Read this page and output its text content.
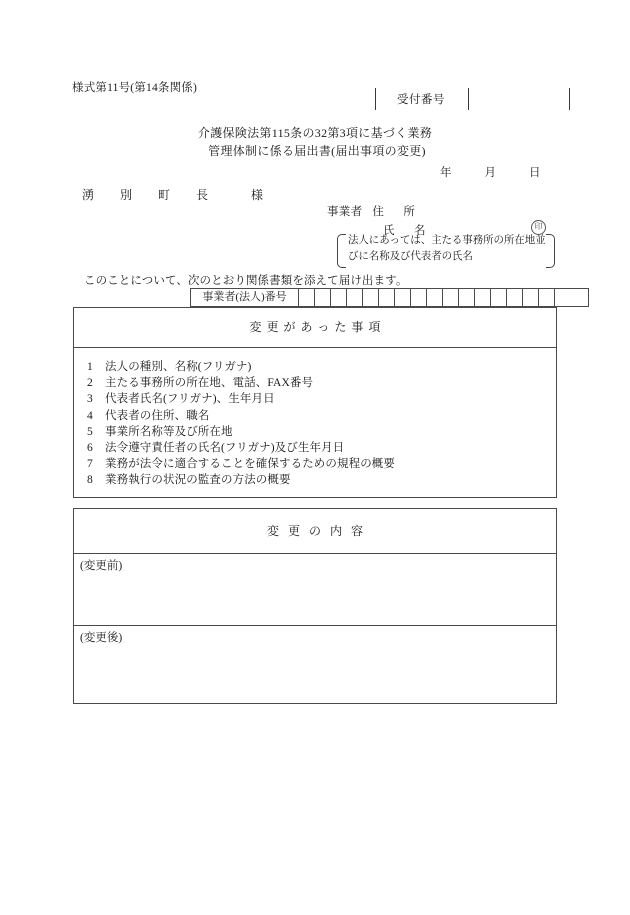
様式第11号(第14条関係)
受付番号
介護保険法第115条の32第3項に基づく業務
管理体制に係る届出書(届出事項の変更)
年	月	日
湧　別　町　長	様
事業者 住　所
氏　名	印
法人にあっては、主たる事務所の所在地並びに名称及び代表者の氏名
このことについて、次のとおり関係書類を添えて届け出ます。
事業者(法人)番号
変更があった事項
1 法人の種別、名称(フリガナ)
2 主たる事務所の所在地、電話、FAX番号
3 代表者氏名(フリガナ)、生年月日
4 代表者の住所、職名
5 事業所名称等及び所在地
6 法令遵守責任者の氏名(フリガナ)及び生年月日
7 業務が法令に適合することを確保するための規程の概要
8 業務執行の状況の監査の方法の概要
変更の内容
(変更前)
(変更後)
